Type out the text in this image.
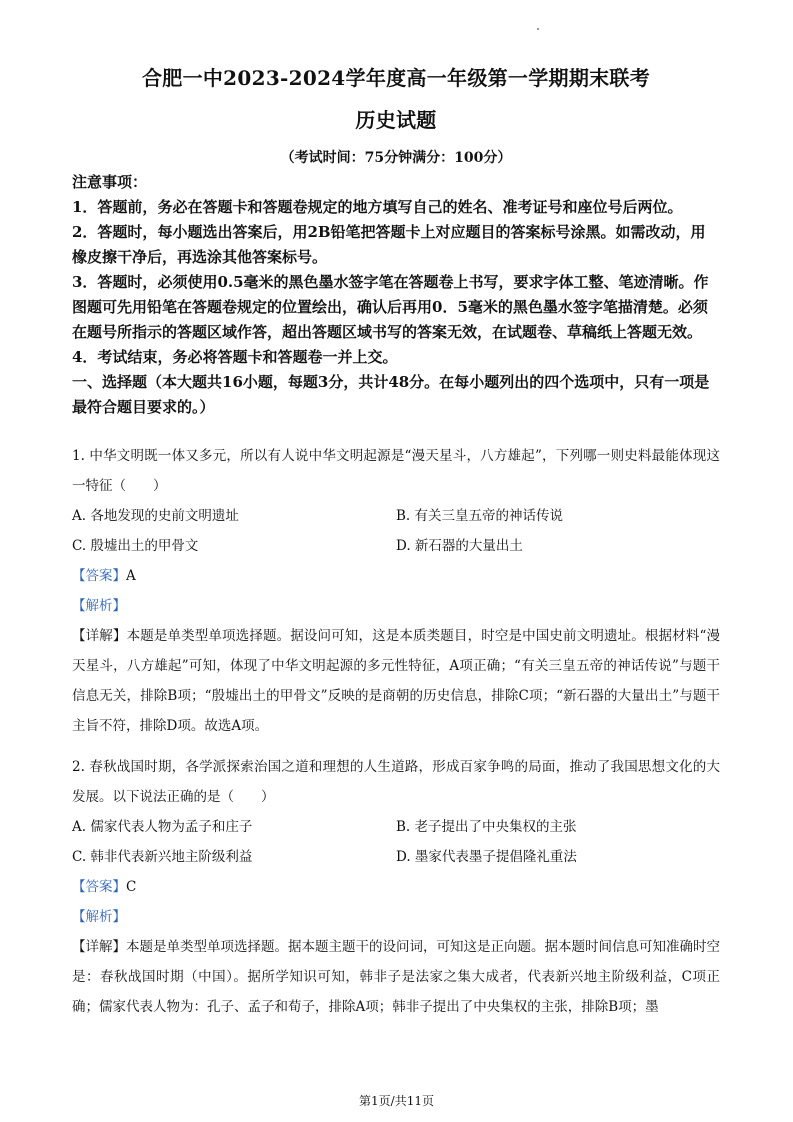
合肥一中2023-2024学年度高一年级第一学期期末联考
历史试题
（考试时间：75分钟满分：100分）
注意事项：
1．答题前，务必在答题卡和答题卷规定的地方填写自己的姓名、准考证号和座位号后两位。
2．答题时，每小题选出答案后，用2B铅笔把答题卡上对应题目的答案标号涂黑。如需改动，用橡皮擦干净后，再选涂其他答案标号。
3．答题时，必须使用0.5毫米的黑色墨水签字笔在答题卷上书写，要求字体工整、笔迹清晰。作图题可先用铅笔在答题卷规定的位置绘出，确认后再用0．5毫米的黑色墨水签字笔描清楚。必须在题号所指示的答题区域作答，超出答题区域书写的答案无效，在试题卷、草稿纸上答题无效。
4．考试结束，务必将答题卡和答题卷一并上交。
一、选择题（本大题共16小题，每题3分，共计48分。在每小题列出的四个选项中，只有一项是最符合题目要求的。）
1. 中华文明既一体又多元，所以有人说中华文明起源是“漫天星斗，八方雄起”，下列哪一则史料最能体现这一特征（　　）
A. 各地发现的史前文明遗址	B. 有关三皇五帝的神话传说
C. 殷墟出土的甲骨文	D. 新石器的大量出土
【答案】A
【解析】
【详解】本题是单类型单项选择题。据设问可知，这是本质类题目，时空是中国史前文明遗址。根据材料“漫天星斗，八方雄起”可知，体现了中华文明起源的多元性特征，A项正确；“有关三皇五帝的神话传说”与题干信息无关，排除B项；“殷墟出土的甲骨文”反映的是商朝的历史信息，排除C项；“新石器的大量出土”与题干主旨不符，排除D项。故选A项。
2. 春秋战国时期，各学派探索治国之道和理想的人生道路，形成百家争鸣的局面，推动了我国思想文化的大发展。以下说法正确的是（　　）
A. 儒家代表人物为孟子和庄子	B. 老子提出了中央集权的主张
C. 韩非代表新兴地主阶级利益	D. 墨家代表墨子提倡隆礼重法
【答案】C
【解析】
【详解】本题是单类型单项选择题。据本题主题干的设问词，可知这是正向题。据本题时间信息可知准确时空是：春秋战国时期（中国）。据所学知识可知，韩非子是法家之集大成者，代表新兴地主阶级利益，C项正确；儒家代表人物为：孔子、孟子和荀子，排除A项；韩非子提出了中央集权的主张，排除B项；墨
第1页/共11页
